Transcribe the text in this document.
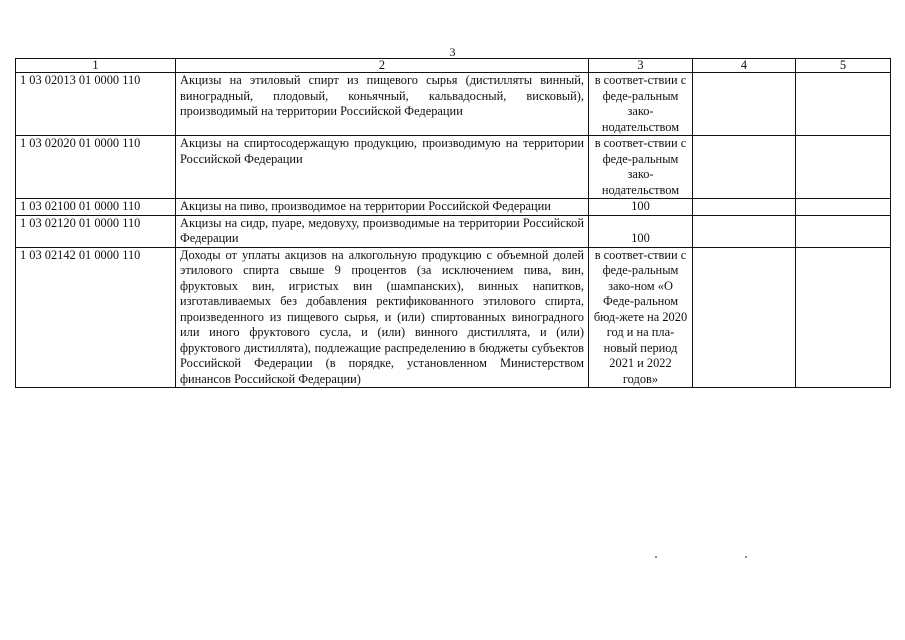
3
1	2	3	4	5
1 03 02013 01 0000 110	Акцизы на этиловый спирт из пищевого сырья (дистилляты винный, виноградный, плодовый, коньячный, кальвадосный, висковый), производимый на территории Российской Федерации	в соответ-ствии с феде-ральным зако-нодательством		
1 03 02020 01 0000 110	Акцизы на спиртосодержащую продукцию, производимую на территории Российской Федерации	в соответ-ствии с феде-ральным зако-нодательством		
1 03 02100 01 0000 110	Акцизы на пиво, производимое на территории Российской Федерации	100		
1 03 02120 01 0000 110	Акцизы на сидр, пуаре, медовуху, производимые на территории Российской Федерации	100		
1 03 02142 01 0000 110	Доходы от уплаты акцизов на алкогольную продукцию с объемной долей этилового спирта свыше 9 процентов (за исключением пива, вин, фруктовых вин, игристых вин (шампанских), винных напитков, изготавливаемых без добавления ректификованного этилового спирта, произведенного из пищевого сырья, и (или) спиртованных виноградного или иного фруктового сусла, и (или) винного дистиллята, и (или) фруктового дистиллята), подлежащие распределению в бюджеты субъектов Российской Федерации (в порядке, установленном Министерством финансов Российской Федерации)	в соответ-ствии с феде-ральным зако-ном «О Феде-ральном бюд-жете на 2020 год и на пла-новый период 2021 и 2022 годов»		
